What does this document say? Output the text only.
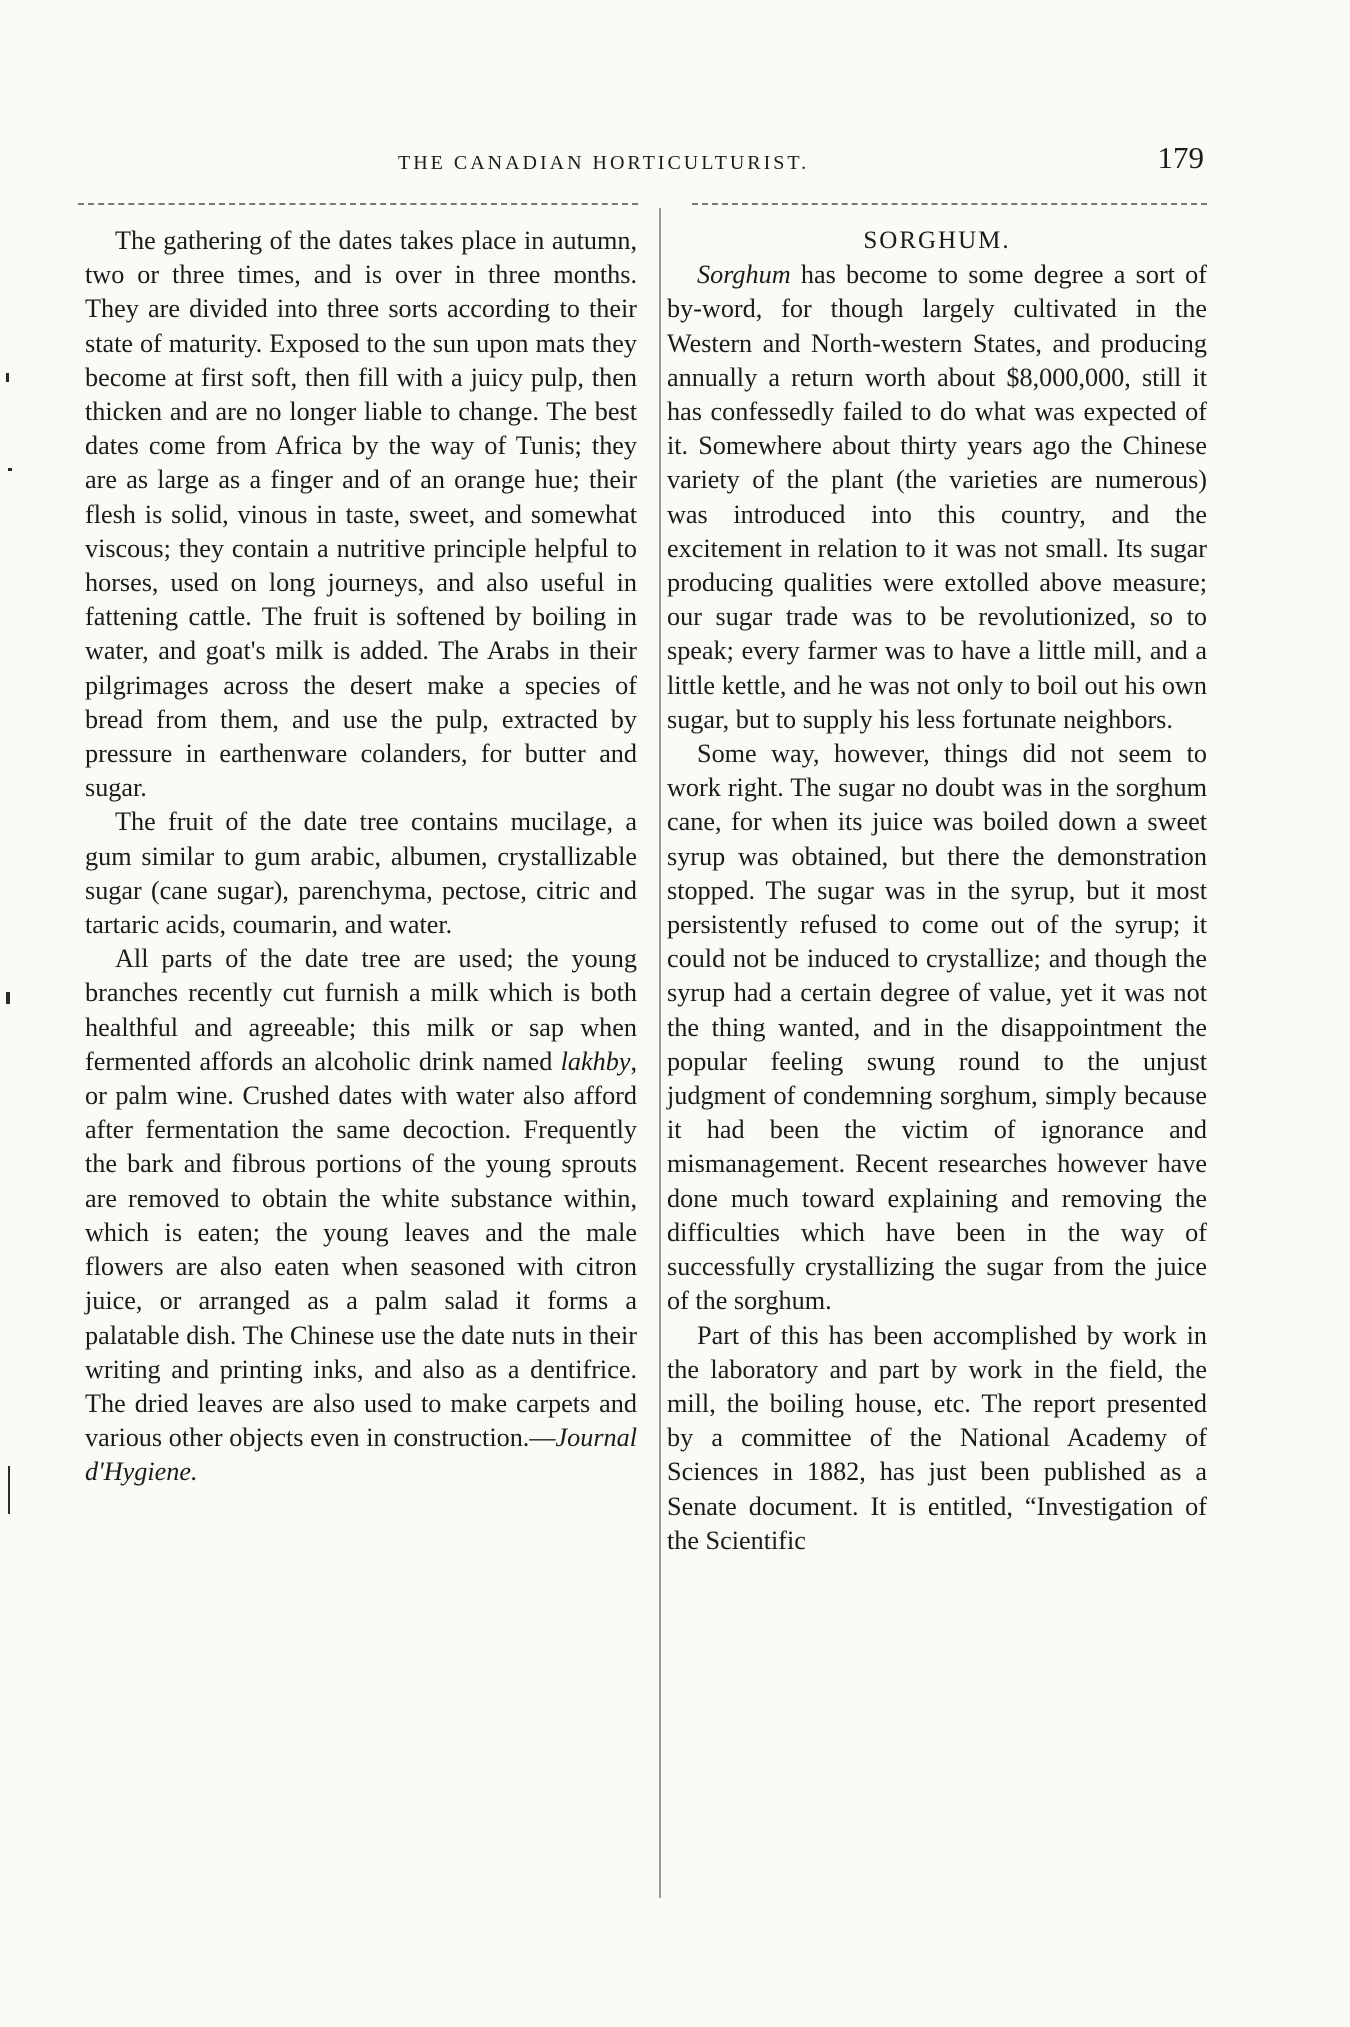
THE CANADIAN HORTICULTURIST.	179

The gathering of the dates takes place in autumn, two or three times, and is over in three months. They are divided into three sorts according to their state of maturity. Exposed to the sun upon mats they become at first soft, then fill with a juicy pulp, then thicken and are no longer liable to change. The best dates come from Africa by the way of Tunis; they are as large as a finger and of an orange hue; their flesh is solid, vinous in taste, sweet, and somewhat viscous; they contain a nutritive principle helpful to horses, used on long journeys, and also useful in fattening cattle. The fruit is softened by boiling in water, and goat's milk is added. The Arabs in their pilgrimages across the desert make a species of bread from them, and use the pulp, extracted by pressure in earthenware colanders, for butter and sugar.

The fruit of the date tree contains mucilage, a gum similar to gum arabic, albumen, crystallizable sugar (cane sugar), parenchyma, pectose, citric and tartaric acids, coumarin, and water.

All parts of the date tree are used; the young branches recently cut furnish a milk which is both healthful and agreeable; this milk or sap when fermented affords an alcoholic drink named lakhby, or palm wine. Crushed dates with water also afford after fermentation the same decoction. Frequently the bark and fibrous portions of the young sprouts are removed to obtain the white substance within, which is eaten; the young leaves and the male flowers are also eaten when seasoned with citron juice, or arranged as a palm salad it forms a palatable dish. The Chinese use the date nuts in their writing and printing inks, and also as a dentifrice. The dried leaves are also used to make carpets and various other objects even in construction.—Journal d'Hygiene.

SORGHUM.

Sorghum has become to some degree a sort of by-word, for though largely cultivated in the Western and North-western States, and producing annually a return worth about $8,000,000, still it has confessedly failed to do what was expected of it. Somewhere about thirty years ago the Chinese variety of the plant (the varieties are numerous) was introduced into this country, and the excitement in relation to it was not small. Its sugar producing qualities were extolled above measure; our sugar trade was to be revolutionized, so to speak; every farmer was to have a little mill, and a little kettle, and he was not only to boil out his own sugar, but to supply his less fortunate neighbors.

Some way, however, things did not seem to work right. The sugar no doubt was in the sorghum cane, for when its juice was boiled down a sweet syrup was obtained, but there the demonstration stopped. The sugar was in the syrup, but it most persistently refused to come out of the syrup; it could not be induced to crystallize; and though the syrup had a certain degree of value, yet it was not the thing wanted, and in the disappointment the popular feeling swung round to the unjust judgment of condemning sorghum, simply because it had been the victim of ignorance and mismanagement. Recent researches however have done much toward explaining and removing the difficulties which have been in the way of successfully crystallizing the sugar from the juice of the sorghum.

Part of this has been accomplished by work in the laboratory and part by work in the field, the mill, the boiling house, etc. The report presented by a committee of the National Academy of Sciences in 1882, has just been published as a Senate document. It is entitled, “Investigation of the Scientific
